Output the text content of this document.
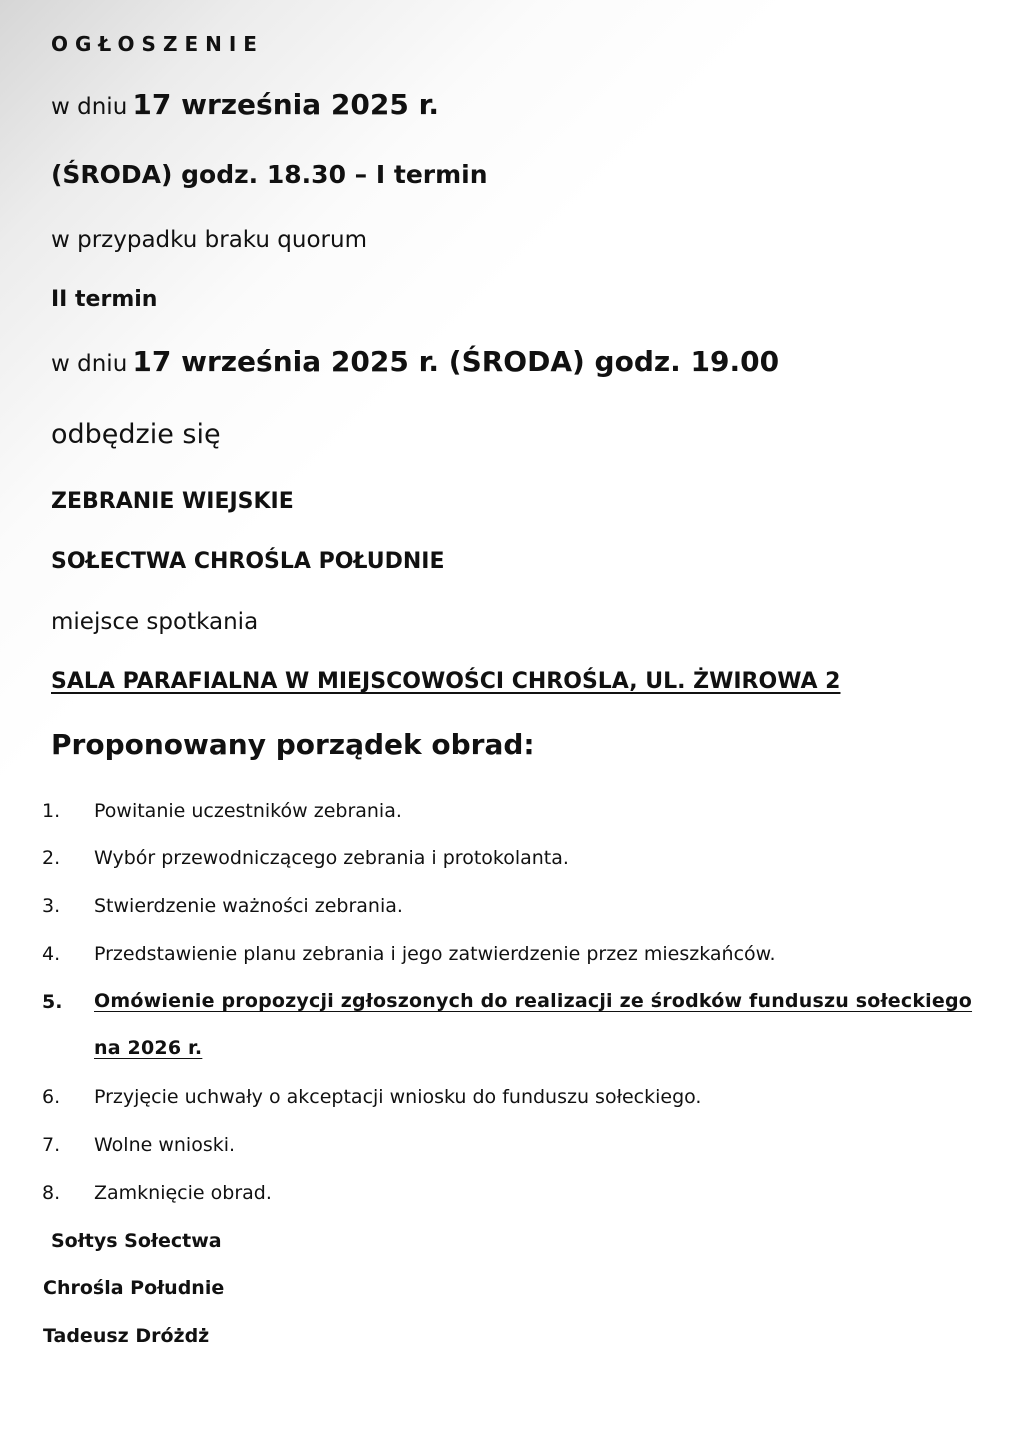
OGŁOSZENIE
w dniu 17 września 2025 r.
(ŚRODA) godz. 18.30 – I termin
w przypadku braku quorum
II termin
w dniu 17 września 2025 r. (ŚRODA) godz. 19.00
odbędzie się
ZEBRANIE WIEJSKIE
SOŁECTWA CHROŚLA POŁUDNIE
miejsce spotkania
SALA PARAFIALNA W MIEJSCOWOŚCI CHROŚLA, UL. ŻWIROWA 2
Proponowany porządek obrad:
1. Powitanie uczestników zebrania.
2. Wybór przewodniczącego zebrania i protokolanta.
3. Stwierdzenie ważności zebrania.
4. Przedstawienie planu zebrania i jego zatwierdzenie przez mieszkańców.
5. Omówienie propozycji zgłoszonych do realizacji ze środków funduszu sołeckiego na 2026 r.
6. Przyjęcie uchwały o akceptacji wniosku do funduszu sołeckiego.
7. Wolne wnioski.
8. Zamknięcie obrad.
Sołtys Sołectwa
Chrośla Południe
Tadeusz Dróżdż
